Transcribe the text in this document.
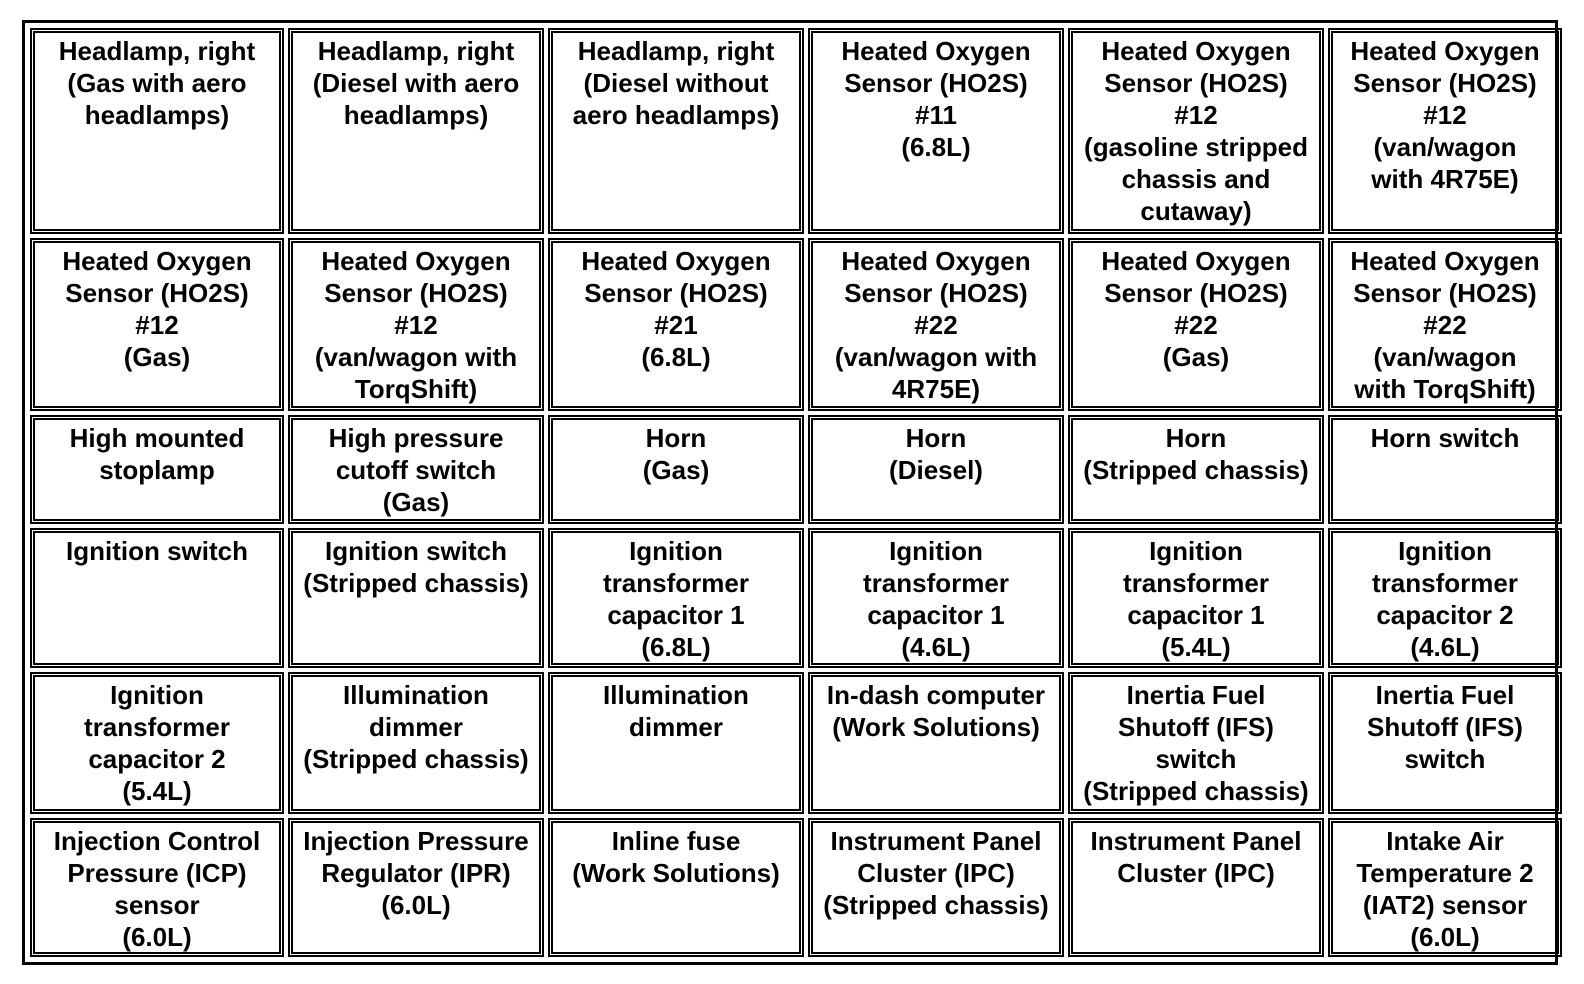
Headlamp, right
(Gas with aero
headlamps)
Headlamp, right
(Diesel with aero
headlamps)
Headlamp, right
(Diesel without
aero headlamps)
Heated Oxygen
Sensor (HO2S)
#11
(6.8L)
Heated Oxygen
Sensor (HO2S)
#12
(gasoline stripped
chassis and
cutaway)
Heated Oxygen
Sensor (HO2S)
#12
(van/wagon
with 4R75E)
Heated Oxygen
Sensor (HO2S)
#12
(Gas)
Heated Oxygen
Sensor (HO2S)
#12
(van/wagon with
TorqShift)
Heated Oxygen
Sensor (HO2S)
#21
(6.8L)
Heated Oxygen
Sensor (HO2S)
#22
(van/wagon with
4R75E)
Heated Oxygen
Sensor (HO2S)
#22
(Gas)
Heated Oxygen
Sensor (HO2S)
#22
(van/wagon
with TorqShift)
High mounted
stoplamp
High pressure
cutoff switch
(Gas)
Horn
(Gas)
Horn
(Diesel)
Horn
(Stripped chassis)
Horn switch
Ignition switch	Ignition switch
(Stripped chassis)
Ignition
transformer
capacitor 1
(6.8L)
Ignition
transformer
capacitor 1
(4.6L)
Ignition
transformer
capacitor 1
(5.4L)
Ignition
transformer
capacitor 2
(4.6L)
Ignition
transformer
capacitor 2
(5.4L)
Illumination
dimmer
(Stripped chassis)
Illumination
dimmer
In-dash computer
(Work Solutions)
Inertia Fuel
Shutoff (IFS)
switch
(Stripped chassis)
Inertia Fuel
Shutoff (IFS)
switch
Injection Control
Pressure (ICP)
sensor
(6.0L)
Injection Pressure
Regulator (IPR)
(6.0L)
Inline fuse
(Work Solutions)
Instrument Panel
Cluster (IPC)
(Stripped chassis)
Instrument Panel
Cluster (IPC)
Intake Air
Temperature 2
(IAT2) sensor
(6.0L)
